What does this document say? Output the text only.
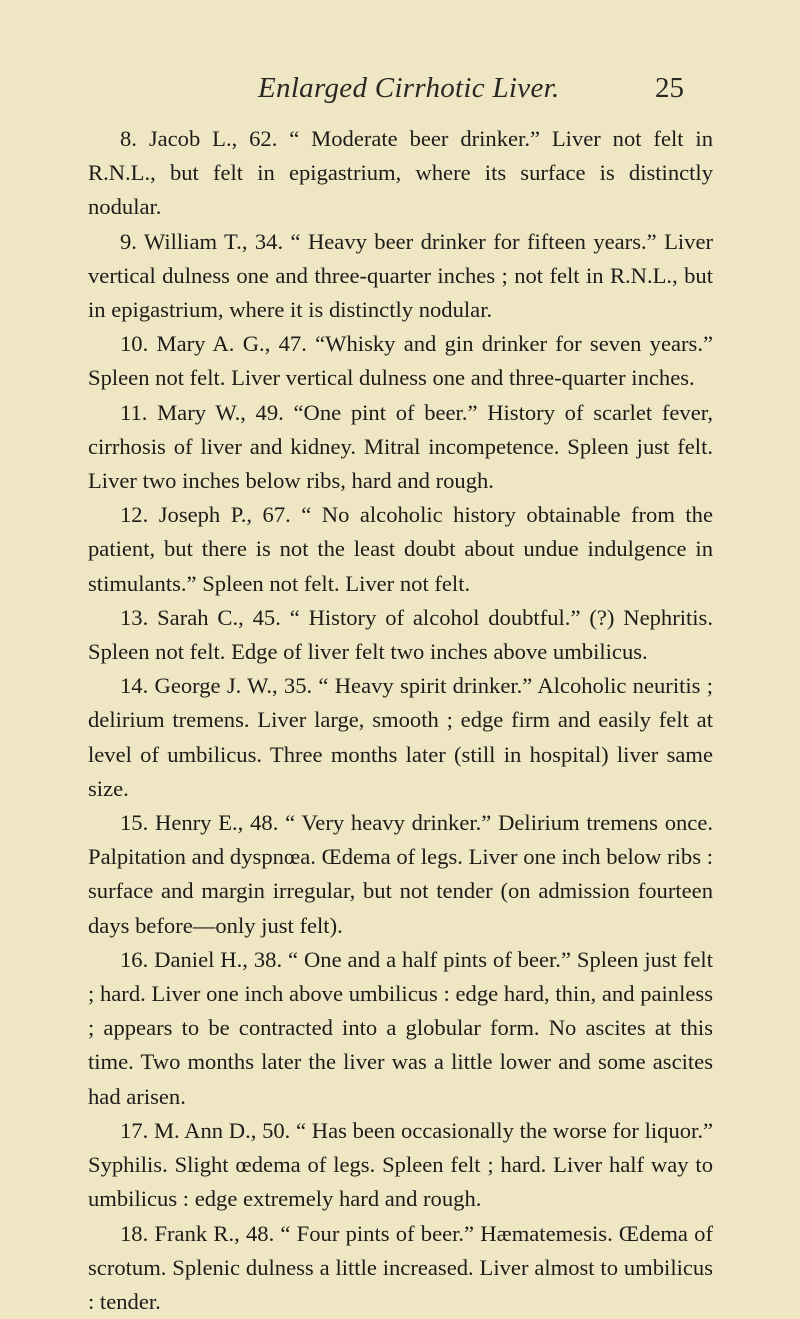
Enlarged Cirrhotic Liver.	25

8. Jacob L., 62. “ Moderate beer drinker.” Liver not felt in R.N.L., but felt in epigastrium, where its surface is distinctly nodular.

9. William T., 34. “ Heavy beer drinker for fifteen years.” Liver vertical dulness one and three-quarter inches ; not felt in R.N.L., but in epigastrium, where it is distinctly nodular.

10. Mary A. G., 47. “Whisky and gin drinker for seven years.” Spleen not felt. Liver vertical dulness one and three-quarter inches.

11. Mary W., 49. “One pint of beer.” History of scarlet fever, cirrhosis of liver and kidney. Mitral incompetence. Spleen just felt. Liver two inches below ribs, hard and rough.

12. Joseph P., 67. “ No alcoholic history obtainable from the patient, but there is not the least doubt about undue indulgence in stimulants.” Spleen not felt. Liver not felt.

13. Sarah C., 45. “ History of alcohol doubtful.” (?) Nephritis. Spleen not felt. Edge of liver felt two inches above umbilicus.

14. George J. W., 35. “ Heavy spirit drinker.” Alcoholic neuritis ; delirium tremens. Liver large, smooth ; edge firm and easily felt at level of umbilicus. Three months later (still in hospital) liver same size.

15. Henry E., 48. “ Very heavy drinker.” Delirium tremens once. Palpitation and dyspnœa. Œdema of legs. Liver one inch below ribs : surface and margin irregular, but not tender (on admission fourteen days before—only just felt).

16. Daniel H., 38. “ One and a half pints of beer.” Spleen just felt ; hard. Liver one inch above umbilicus : edge hard, thin, and painless ; appears to be contracted into a globular form. No ascites at this time. Two months later the liver was a little lower and some ascites had arisen.

17. M. Ann D., 50. “ Has been occasionally the worse for liquor.” Syphilis. Slight œdema of legs. Spleen felt ; hard. Liver half way to umbilicus : edge extremely hard and rough.

18. Frank R., 48. “ Four pints of beer.” Hæmatemesis. Œdema of scrotum. Splenic dulness a little increased. Liver almost to umbilicus : tender.
